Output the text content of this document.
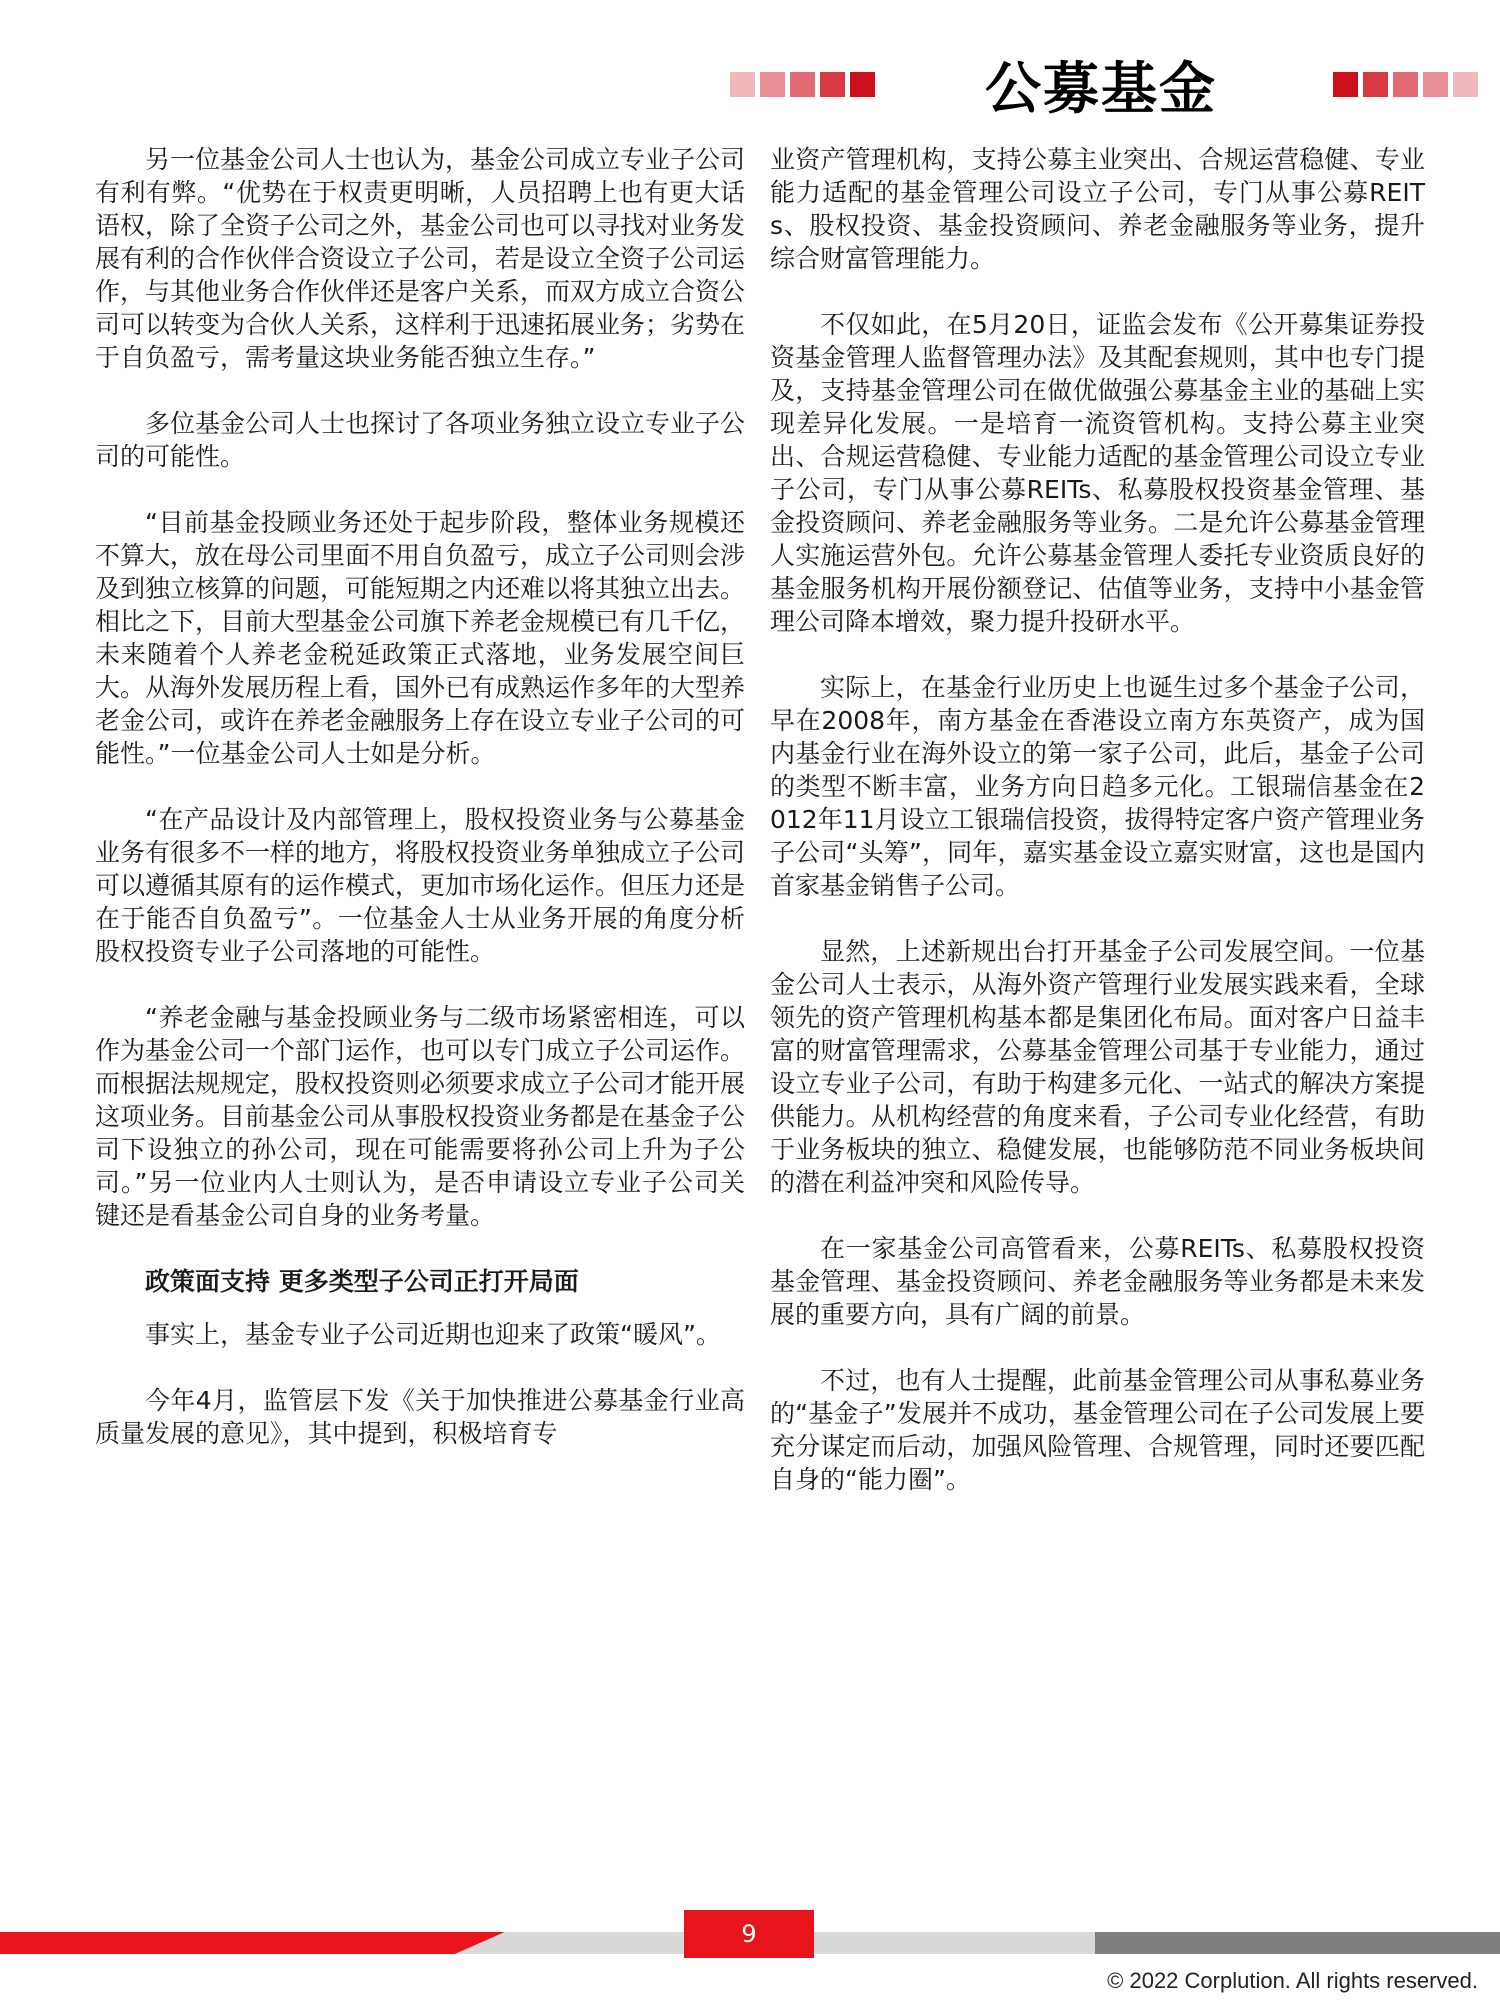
公募基金

另一位基金公司人士也认为，基金公司成立专业子公司有利有弊。“优势在于权责更明晰，人员招聘上也有更大话语权，除了全资子公司之外，基金公司也可以寻找对业务发展有利的合作伙伴合资设立子公司，若是设立全资子公司运作，与其他业务合作伙伴还是客户关系，而双方成立合资公司可以转变为合伙人关系，这样利于迅速拓展业务；劣势在于自负盈亏，需考量这块业务能否独立生存。”

多位基金公司人士也探讨了各项业务独立设立专业子公司的可能性。

“目前基金投顾业务还处于起步阶段，整体业务规模还不算大，放在母公司里面不用自负盈亏，成立子公司则会涉及到独立核算的问题，可能短期之内还难以将其独立出去。相比之下，目前大型基金公司旗下养老金规模已有几千亿，未来随着个人养老金税延政策正式落地，业务发展空间巨大。从海外发展历程上看，国外已有成熟运作多年的大型养老金公司，或许在养老金融服务上存在设立专业子公司的可能性。”一位基金公司人士如是分析。

“在产品设计及内部管理上，股权投资业务与公募基金业务有很多不一样的地方，将股权投资业务单独成立子公司可以遵循其原有的运作模式，更加市场化运作。但压力还是在于能否自负盈亏”。一位基金人士从业务开展的角度分析股权投资专业子公司落地的可能性。

“养老金融与基金投顾业务与二级市场紧密相连，可以作为基金公司一个部门运作，也可以专门成立子公司运作。而根据法规规定，股权投资则必须要求成立子公司才能开展这项业务。目前基金公司从事股权投资业务都是在基金子公司下设独立的孙公司，现在可能需要将孙公司上升为子公司。”另一位业内人士则认为，是否申请设立专业子公司关键还是看基金公司自身的业务考量。

政策面支持 更多类型子公司正打开局面

事实上，基金专业子公司近期也迎来了政策“暖风”。

今年4月，监管层下发《关于加快推进公募基金行业高质量发展的意见》，其中提到，积极培育专

业资产管理机构，支持公募主业突出、合规运营稳健、专业能力适配的基金管理公司设立子公司，专门从事公募REITs、股权投资、基金投资顾问、养老金融服务等业务，提升综合财富管理能力。

不仅如此，在5月20日，证监会发布《公开募集证券投资基金管理人监督管理办法》及其配套规则，其中也专门提及，支持基金管理公司在做优做强公募基金主业的基础上实现差异化发展。一是培育一流资管机构。支持公募主业突出、合规运营稳健、专业能力适配的基金管理公司设立专业子公司，专门从事公募REITs、私募股权投资基金管理、基金投资顾问、养老金融服务等业务。二是允许公募基金管理人实施运营外包。允许公募基金管理人委托专业资质良好的基金服务机构开展份额登记、估值等业务，支持中小基金管理公司降本增效，聚力提升投研水平。

实际上，在基金行业历史上也诞生过多个基金子公司，早在2008年，南方基金在香港设立南方东英资产，成为国内基金行业在海外设立的第一家子公司，此后，基金子公司的类型不断丰富，业务方向日趋多元化。工银瑞信基金在2012年11月设立工银瑞信投资，拔得特定客户资产管理业务子公司“头筹”，同年，嘉实基金设立嘉实财富，这也是国内首家基金销售子公司。

显然，上述新规出台打开基金子公司发展空间。一位基金公司人士表示，从海外资产管理行业发展实践来看，全球领先的资产管理机构基本都是集团化布局。面对客户日益丰富的财富管理需求，公募基金管理公司基于专业能力，通过设立专业子公司，有助于构建多元化、一站式的解决方案提供能力。从机构经营的角度来看，子公司专业化经营，有助于业务板块的独立、稳健发展，也能够防范不同业务板块间的潜在利益冲突和风险传导。

在一家基金公司高管看来，公募REITs、私募股权投资基金管理、基金投资顾问、养老金融服务等业务都是未来发展的重要方向，具有广阔的前景。

不过，也有人士提醒，此前基金管理公司从事私募业务的“基金子”发展并不成功，基金管理公司在子公司发展上要充分谋定而后动，加强风险管理、合规管理，同时还要匹配自身的“能力圈”。

9
© 2022 Corplution. All rights reserved.
